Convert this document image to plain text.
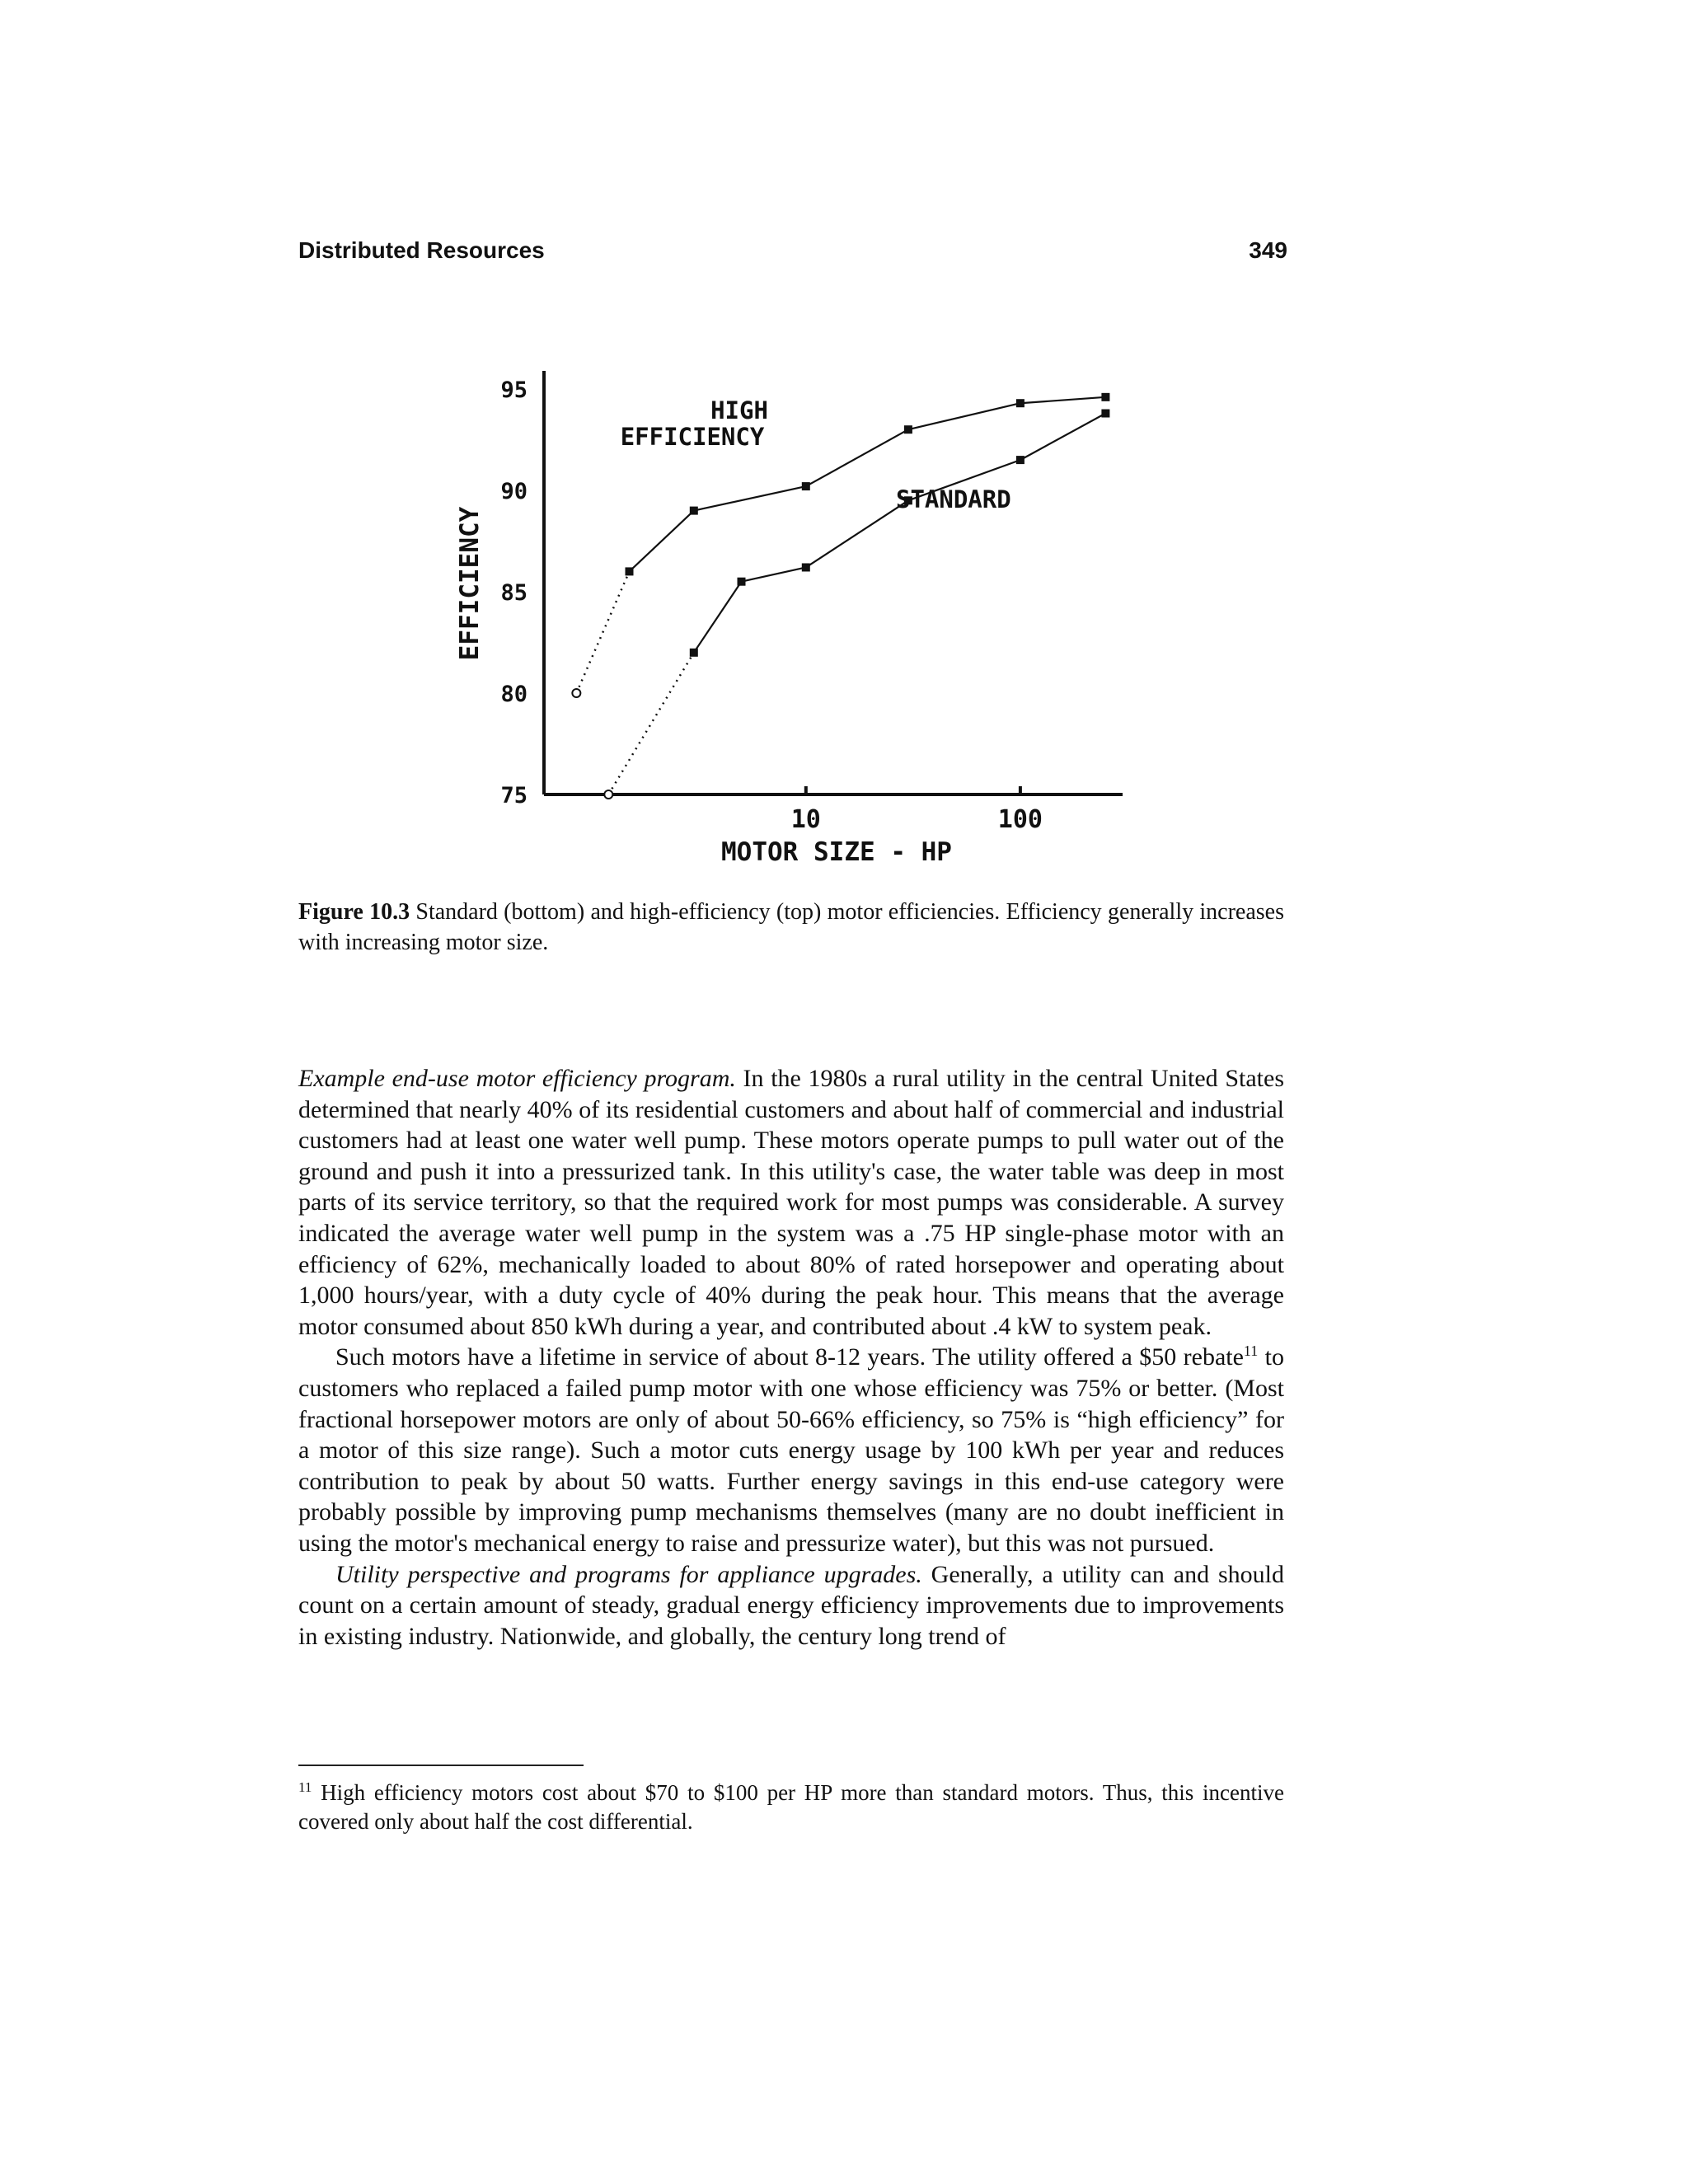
Distributed Resources	349
75
80
85
90
95
10	100
MOTOR SIZE - HP
EFFICIENCY
HIGH
EFFICIENCY
STANDARD
Figure 10.3 Standard (bottom) and high-efficiency (top) motor efficiencies. Efficiency generally increases with increasing motor size.

Example end-use motor efficiency program. In the 1980s a rural utility in the central United States determined that nearly 40% of its residential customers and about half of commercial and industrial customers had at least one water well pump. These motors operate pumps to pull water out of the ground and push it into a pressurized tank. In this utility's case, the water table was deep in most parts of its service territory, so that the required work for most pumps was considerable. A survey indicated the average water well pump in the system was a .75 HP single-phase motor with an efficiency of 62%, mechanically loaded to about 80% of rated horsepower and operating about 1,000 hours/year, with a duty cycle of 40% during the peak hour. This means that the average motor consumed about 850 kWh during a year, and contributed about .4 kW to system peak.

Such motors have a lifetime in service of about 8-12 years. The utility offered a $50 rebate$^{11}$ to customers who replaced a failed pump motor with one whose efficiency was 75% or better. (Most fractional horsepower motors are only of about 50-66% efficiency, so 75% is “high efficiency” for a motor of this size range). Such a motor cuts energy usage by 100 kWh per year and reduces contribution to peak by about 50 watts. Further energy savings in this end-use category were probably possible by improving pump mechanisms themselves (many are no doubt inefficient in using the motor's mechanical energy to raise and pressurize water), but this was not pursued.

Utility perspective and programs for appliance upgrades. Generally, a utility can and should count on a certain amount of steady, gradual energy efficiency improvements due to improvements in existing industry. Nationwide, and globally, the century long trend of

$^{11}$ High efficiency motors cost about $70 to $100 per HP more than standard motors. Thus, this incentive covered only about half the cost differential.
